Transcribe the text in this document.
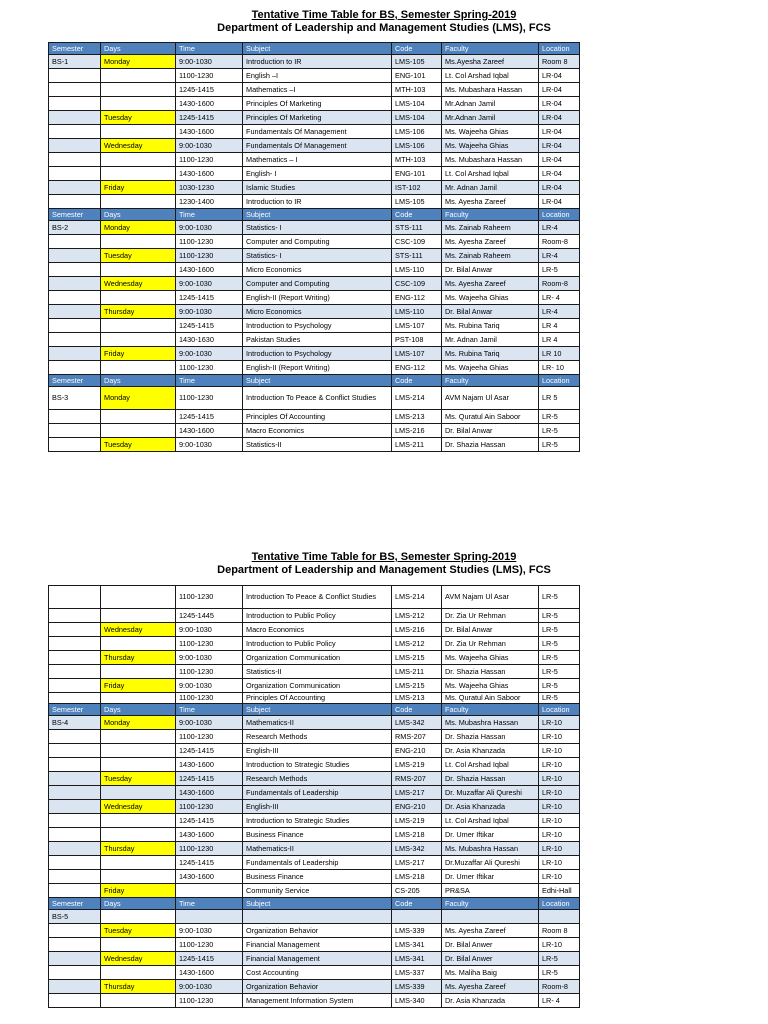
Tentative Time Table for BS, Semester Spring-2019
Department of Leadership and Management Studies (LMS), FCS
Semester	Days	Time	Subject	Code	Faculty	Location
BS-1	Monday	9:00-1030	Introduction to IR	LMS-105	Ms.Ayesha Zareef	Room 8
		1100-1230	English –I	ENG-101	Lt. Col Arshad Iqbal	LR-04
		1245-1415	Mathematics –I	MTH-103	Ms. Mubashara Hassan	LR-04
		1430-1600	Principles Of Marketing	LMS-104	Mr.Adnan Jamil	LR-04
	Tuesday	1245-1415	Principles Of Marketing	LMS-104	Mr.Adnan Jamil	LR-04
		1430-1600	Fundamentals Of Management	LMS-106	Ms. Wajeeha Ghias	LR-04
	Wednesday	9:00-1030	Fundamentals Of Management	LMS-106	Ms. Wajeeha Ghias	LR-04
		1100-1230	Mathematics – I	MTH-103	Ms. Mubashara Hassan	LR-04
		1430-1600	English- I	ENG-101	Lt. Col Arshad Iqbal	LR-04
	Friday	1030-1230	Islamic Studies	IST-102	Mr. Adnan Jamil	LR-04
		1230-1400	Introduction to IR	LMS-105	Ms. Ayesha Zareef	LR-04
Semester	Days	Time	Subject	Code	Faculty	Location
BS-2	Monday	9:00-1030	Statistics- I	STS-111	Ms. Zainab Raheem	LR-4
		1100-1230	Computer and Computing	CSC-109	Ms. Ayesha Zareef	Room-8
	Tuesday	1100-1230	Statistics- I	STS-111	Ms. Zainab Raheem	LR-4
		1430-1600	Micro Economics	LMS-110	Dr. Bilal Anwar	LR-5
	Wednesday	9:00-1030	Computer and Computing	CSC-109	Ms. Ayesha Zareef	Room-8
		1245-1415	English-II (Report Writing)	ENG-112	Ms. Wajeeha Ghias	LR- 4
	Thursday	9:00-1030	Micro Economics	LMS-110	Dr. Bilal Anwar	LR-4
		1245-1415	Introduction to Psychology	LMS-107	Ms. Rubina Tariq	LR 4
		1430-1630	Pakistan Studies	PST-108	Mr. Adnan Jamil	LR 4
	Friday	9:00-1030	Introduction to Psychology	LMS-107	Ms. Rubina Tariq	LR 10
		1100-1230	English-II (Report Writing)	ENG-112	Ms. Wajeeha Ghias	LR- 10
Semester	Days	Time	Subject	Code	Faculty	Location
BS-3	Monday	1100-1230	Introduction To Peace & Conflict Studies	LMS-214	AVM Najam Ul Asar	LR 5
		1245-1415	Principles Of Accounting	LMS-213	Ms. Quratul Ain Saboor	LR-5
		1430-1600	Macro Economics	LMS-216	Dr. Bilal Anwar	LR-5
	Tuesday	9:00-1030	Statistics-II	LMS-211	Dr. Shazia Hassan	LR-5
Tentative Time Table for BS, Semester Spring-2019
Department of Leadership and Management Studies (LMS), FCS
		1100-1230	Introduction To Peace & Conflict Studies	LMS-214	AVM Najam Ul Asar	LR-5
		1245-1445	Introduction to Public Policy	LMS-212	Dr. Zia Ur Rehman	LR-5
	Wednesday	9:00-1030	Macro Economics	LMS-216	Dr. Bilal Anwar	LR-5
		1100-1230	Introduction to Public Policy	LMS-212	Dr. Zia Ur Rehman	LR-5
	Thursday	9:00-1030	Organization Communication	LMS-215	Ms. Wajeeha Ghias	LR-5
		1100-1230	Statistics-II	LMS-211	Dr. Shazia Hassan	LR-5
	Friday	9:00-1030	Organization Communication	LMS-215	Ms. Wajeeha Ghias	LR-5
		1100-1230	Principles Of Accounting	LMS-213	Ms. Quratul Ain Saboor	LR-5
Semester	Days	Time	Subject	Code	Faculty	Location
BS-4	Monday	9:00-1030	Mathematics-II	LMS-342	Ms. Mubashra Hassan	LR-10
		1100-1230	Research Methods	RMS-207	Dr. Shazia Hassan	LR-10
		1245-1415	English-III	ENG-210	Dr. Asia Khanzada	LR-10
		1430-1600	Introduction to Strategic Studies	LMS-219	Lt. Col Arshad Iqbal	LR-10
	Tuesday	1245-1415	Research Methods	RMS-207	Dr. Shazia Hassan	LR-10
		1430-1600	Fundamentals of Leadership	LMS-217	Dr. Muzaffar Ali Qureshi	LR-10
	Wednesday	1100-1230	English-III	ENG-210	Dr. Asia Khanzada	LR-10
		1245-1415	Introduction to Strategic Studies	LMS-219	Lt. Col Arshad Iqbal	LR-10
		1430-1600	Business Finance	LMS-218	Dr. Umer Iftikar	LR-10
	Thursday	1100-1230	Mathematics-II	LMS-342	Ms. Mubashra Hassan	LR-10
		1245-1415	Fundamentals of Leadership	LMS-217	Dr.Muzaffar Ali Qureshi	LR-10
		1430-1600	Business Finance	LMS-218	Dr. Umer Iftikar	LR-10
	Friday		Community Service	CS-205	PR&SA	Edhi-Hall
Semester	Days	Time	Subject	Code	Faculty	Location
BS-5						
	Tuesday	9:00-1030	Organization Behavior	LMS-339	Ms. Ayesha Zareef	Room 8
		1100-1230	Financial Management	LMS-341	Dr. Bilal Anwer	LR-10
	Wednesday	1245-1415	Financial Management	LMS-341	Dr. Bilal Anwer	LR-5
		1430-1600	Cost Accounting	LMS-337	Ms. Maliha Baig	LR-5
	Thursday	9:00-1030	Organization Behavior	LMS-339	Ms. Ayesha Zareef	Room-8
		1100-1230	Management Information System	LMS-340	Dr. Asia Khanzada	LR- 4
